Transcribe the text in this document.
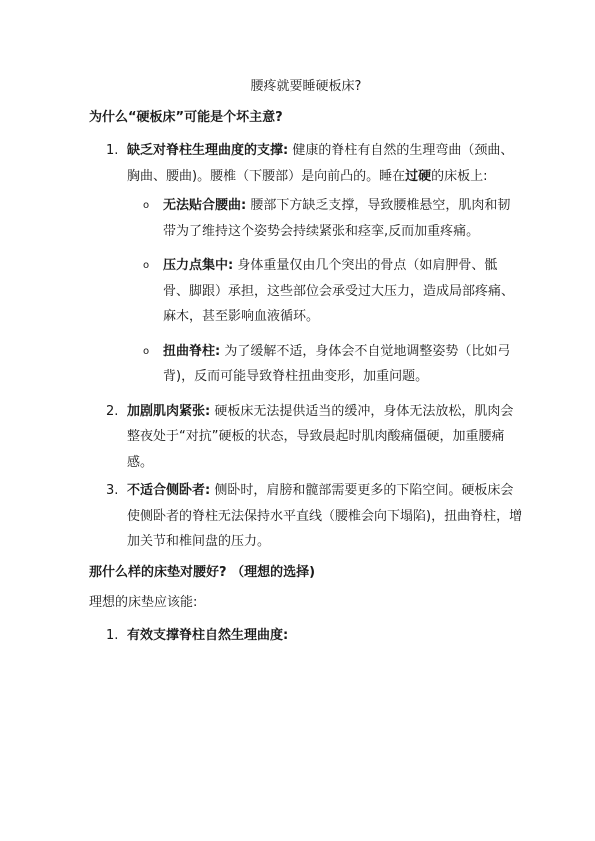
腰疼就要睡硬板床?
为什么“硬板床”可能是个坏主意?
1. 缺乏对脊柱生理曲度的支撑: 健康的脊柱有自然的生理弯曲（颈曲、胸曲、腰曲)。腰椎（下腰部）是向前凸的。睡在过硬的床板上:
o 无法贴合腰曲: 腰部下方缺乏支撑，导致腰椎悬空，肌肉和韧带为了维持这个姿势会持续紧张和痉挛,反而加重疼痛。
o 压力点集中: 身体重量仅由几个突出的骨点（如肩胛骨、骶骨、脚跟）承担，这些部位会承受过大压力，造成局部疼痛、麻木，甚至影响血液循环。
o 扭曲脊柱: 为了缓解不适，身体会不自觉地调整姿势（比如弓背)，反而可能导致脊柱扭曲变形，加重问题。
2. 加剧肌肉紧张: 硬板床无法提供适当的缓冲，身体无法放松，肌肉会整夜处于“对抗”硬板的状态，导致晨起时肌肉酸痛僵硬，加重腰痛感。
3. 不适合侧卧者: 侧卧时，肩膀和髋部需要更多的下陷空间。硬板床会使侧卧者的脊柱无法保持水平直线（腰椎会向下塌陷)，扭曲脊柱，增加关节和椎间盘的压力。
那什么样的床垫对腰好? （理想的选择)
理想的床垫应该能:
1. 有效支撑脊柱自然生理曲度:
